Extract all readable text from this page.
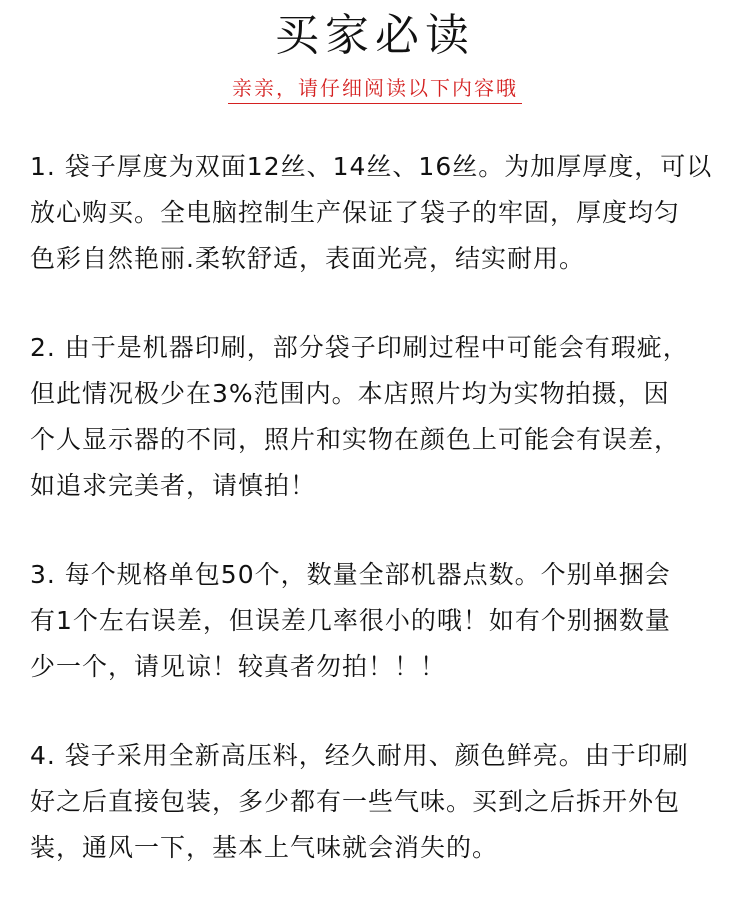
买家必读
亲亲，请仔细阅读以下内容哦

1. 袋子厚度为双面12丝、14丝、16丝。为加厚厚度，可以
放心购买。全电脑控制生产保证了袋子的牢固，厚度均匀
色彩自然艳丽.柔软舒适，表面光亮，结实耐用。

2. 由于是机器印刷，部分袋子印刷过程中可能会有瑕疵，
但此情况极少在3%范围内。本店照片均为实物拍摄，因
个人显示器的不同，照片和实物在颜色上可能会有误差，
如追求完美者，请慎拍！

3. 每个规格单包50个，数量全部机器点数。个别单捆会
有1个左右误差，但误差几率很小的哦！如有个别捆数量
少一个，请见谅！较真者勿拍！！！

4. 袋子采用全新高压料，经久耐用、颜色鲜亮。由于印刷
好之后直接包装，多少都有一些气味。买到之后拆开外包
装，通风一下，基本上气味就会消失的。
